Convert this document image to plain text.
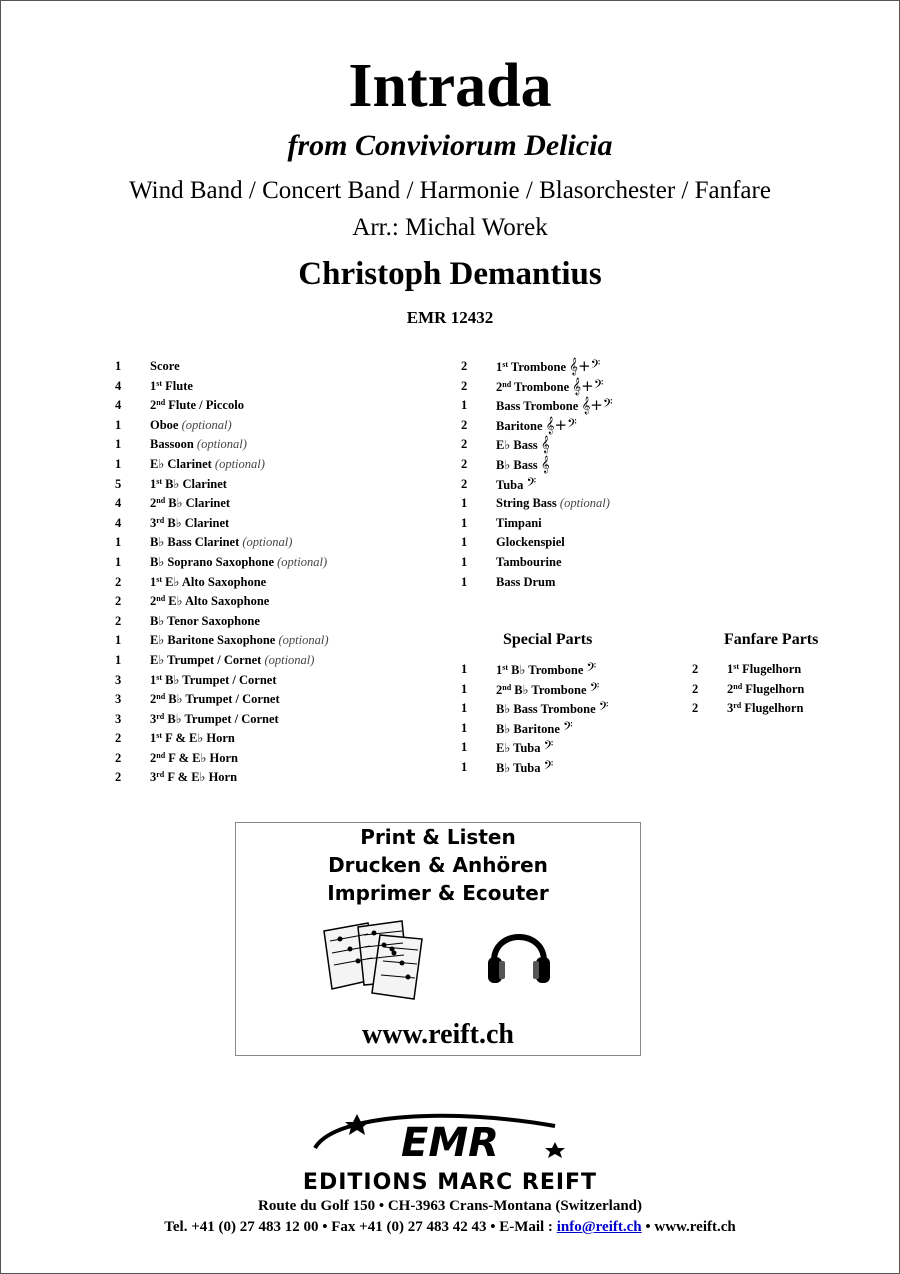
Intrada
from Conviviorum Delicia
Wind Band / Concert Band / Harmonie / Blasorchester / Fanfare
Arr.: Michal Worek
Christoph Demantius
EMR 12432
1	Score
4	1st Flute
4	2nd Flute / Piccolo
1	Oboe (optional)
1	Bassoon (optional)
1	E♭ Clarinet (optional)
5	1st B♭ Clarinet
4	2nd B♭ Clarinet
4	3rd B♭ Clarinet
1	B♭ Bass Clarinet (optional)
1	B♭ Soprano Saxophone (optional)
2	1st E♭ Alto Saxophone
2	2nd E♭ Alto Saxophone
2	B♭ Tenor Saxophone
1	E♭ Baritone Saxophone (optional)
1	E♭ Trumpet / Cornet (optional)
3	1st B♭ Trumpet / Cornet
3	2nd B♭ Trumpet / Cornet
3	3rd B♭ Trumpet / Cornet
2	1st F & E♭ Horn
2	2nd F & E♭ Horn
2	3rd F & E♭ Horn
2	1st Trombone 𝄞+𝄢
2	2nd Trombone 𝄞+𝄢
1	Bass Trombone 𝄞+𝄢
2	Baritone 𝄞+𝄢
2	E♭ Bass 𝄞
2	B♭ Bass 𝄞
2	Tuba 𝄢
1	String Bass (optional)
1	Timpani
1	Glockenspiel
1	Tambourine
1	Bass Drum
Special Parts	Fanfare Parts
1	1st B♭ Trombone 𝄢
1	2nd B♭ Trombone 𝄢
1	B♭ Bass Trombone 𝄢
1	B♭ Baritone 𝄢
1	E♭ Tuba 𝄢
1	B♭ Tuba 𝄢
2	1st Flugelhorn
2	2nd Flugelhorn
2	3rd Flugelhorn
Print & Listen
Drucken & Anhören
Imprimer & Ecouter
www.reift.ch
EMR
EDITIONS MARC REIFT
Route du Golf 150 • CH-3963 Crans-Montana (Switzerland)
Tel. +41 (0) 27 483 12 00 • Fax +41 (0) 27 483 42 43 • E-Mail : info@reift.ch • www.reift.ch
